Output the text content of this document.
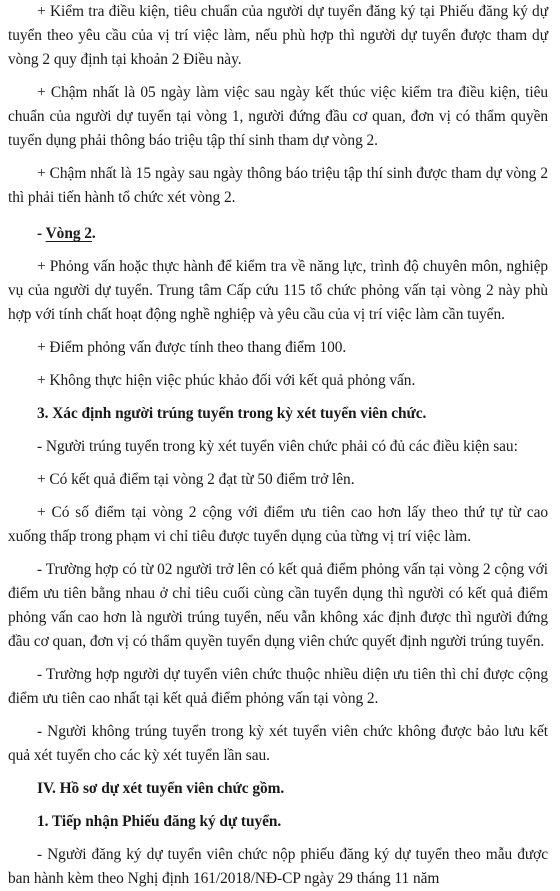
+ Kiểm tra điều kiện, tiêu chuẩn của người dự tuyển đăng ký tại Phiếu đăng ký dự tuyển theo yêu cầu của vị trí việc làm, nếu phù hợp thì người dự tuyển được tham dự vòng 2 quy định tại khoản 2 Điều này.

+ Chậm nhất là 05 ngày làm việc sau ngày kết thúc việc kiểm tra điều kiện, tiêu chuẩn của người dự tuyển tại vòng 1, người đứng đầu cơ quan, đơn vị có thẩm quyền tuyển dụng phải thông báo triệu tập thí sinh tham dự vòng 2.

+ Chậm nhất là 15 ngày sau ngày thông báo triệu tập thí sinh được tham dự vòng 2 thì phải tiến hành tổ chức xét vòng 2.

- Vòng 2.

+ Phỏng vấn hoặc thực hành để kiểm tra về năng lực, trình độ chuyên môn, nghiệp vụ của người dự tuyển. Trung tâm Cấp cứu 115 tổ chức phỏng vấn tại vòng 2 này phù hợp với tính chất hoạt động nghề nghiệp và yêu cầu của vị trí việc làm cần tuyển.

+ Điểm phỏng vấn được tính theo thang điểm 100.

+ Không thực hiện việc phúc khảo đối với kết quả phỏng vấn.

3. Xác định người trúng tuyển trong kỳ xét tuyển viên chức.

- Người trúng tuyển trong kỳ xét tuyển viên chức phải có đủ các điều kiện sau:

+ Có kết quả điểm tại vòng 2 đạt từ 50 điểm trở lên.

+ Có số điểm tại vòng 2 cộng với điểm ưu tiên cao hơn lấy theo thứ tự từ cao xuống thấp trong phạm vi chỉ tiêu được tuyển dụng của từng vị trí việc làm.

- Trường hợp có từ 02 người trở lên có kết quả điểm phỏng vấn tại vòng 2 cộng với điểm ưu tiên bằng nhau ở chỉ tiêu cuối cùng cần tuyển dụng thì người có kết quả điểm phỏng vấn cao hơn là người trúng tuyển, nếu vẫn không xác định được thì người đứng đầu cơ quan, đơn vị có thẩm quyền tuyển dụng viên chức quyết định người trúng tuyển.

- Trường hợp người dự tuyển viên chức thuộc nhiều diện ưu tiên thì chỉ được cộng điểm ưu tiên cao nhất tại kết quả điểm phỏng vấn tại vòng 2.

- Người không trúng tuyển trong kỳ xét tuyển viên chức không được bảo lưu kết quả xét tuyển cho các kỳ xét tuyển lần sau.

IV. Hồ sơ dự xét tuyển viên chức gồm.

1. Tiếp nhận Phiếu đăng ký dự tuyển.

- Người đăng ký dự tuyển viên chức nộp phiếu đăng ký dự tuyển theo mẫu được ban hành kèm theo Nghị định 161/2018/NĐ-CP ngày 29 tháng 11 năm
